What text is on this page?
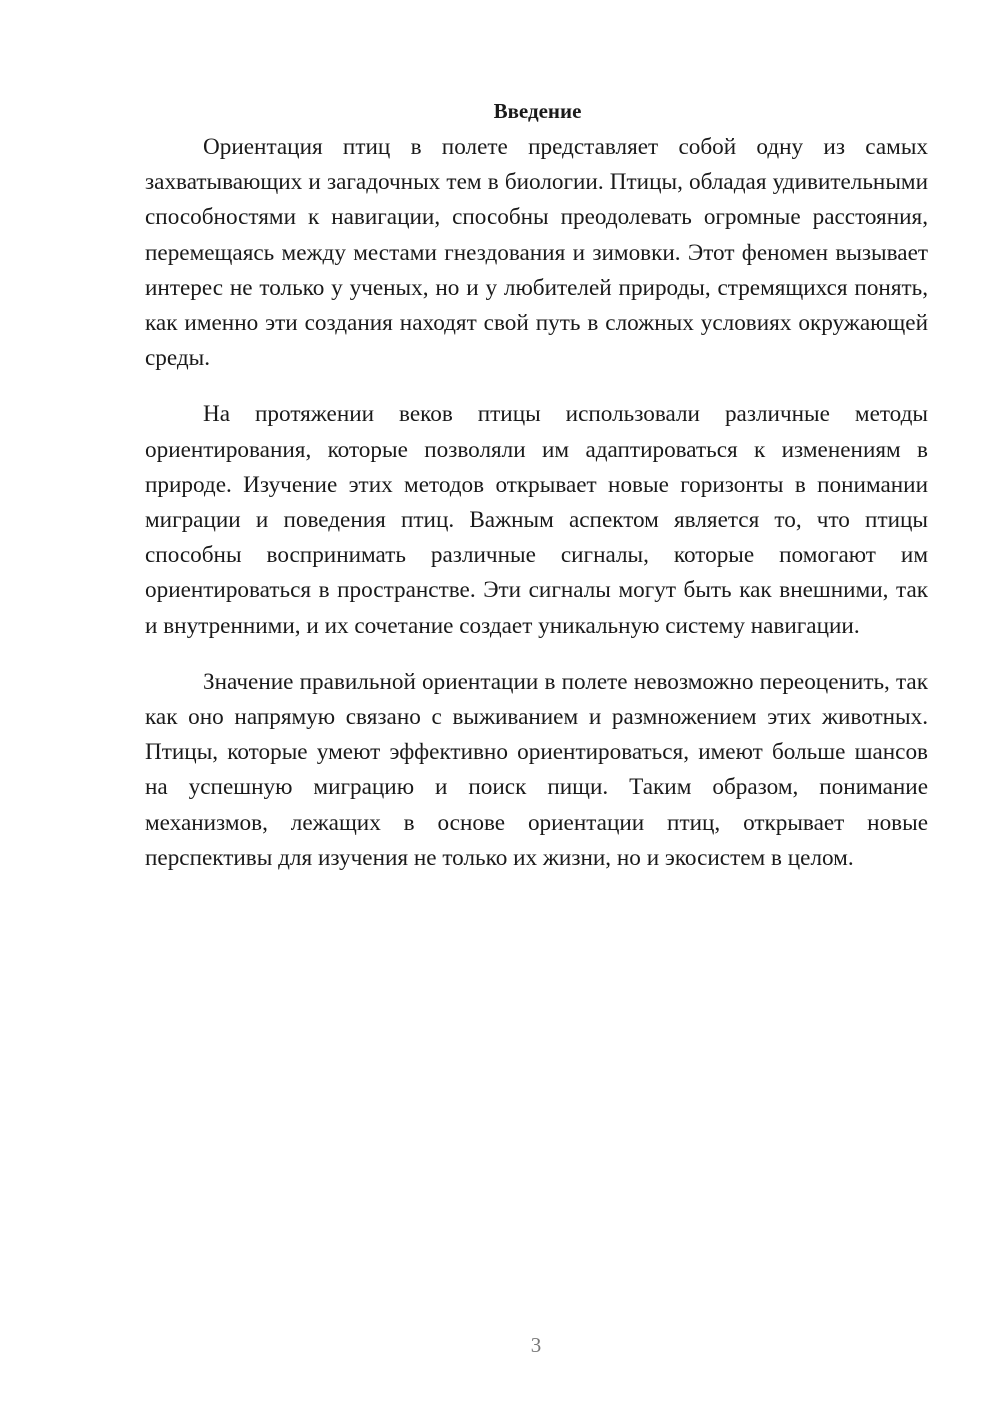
Введение

Ориентация птиц в полете представляет собой одну из самых захватывающих и загадочных тем в биологии. Птицы, обладая удивительными способностями к навигации, способны преодолевать огромные расстояния, перемещаясь между местами гнездования и зимовки. Этот феномен вызывает интерес не только у ученых, но и у любителей природы, стремящихся понять, как именно эти создания находят свой путь в сложных условиях окружающей среды.

На протяжении веков птицы использовали различные методы ориентирования, которые позволяли им адаптироваться к изменениям в природе. Изучение этих методов открывает новые горизонты в понимании миграции и поведения птиц. Важным аспектом является то, что птицы способны воспринимать различные сигналы, которые помогают им ориентироваться в пространстве. Эти сигналы могут быть как внешними, так и внутренними, и их сочетание создает уникальную систему навигации.

Значение правильной ориентации в полете невозможно переоценить, так как оно напрямую связано с выживанием и размножением этих животных. Птицы, которые умеют эффективно ориентироваться, имеют больше шансов на успешную миграцию и поиск пищи. Таким образом, понимание механизмов, лежащих в основе ориентации птиц, открывает новые перспективы для изучения не только их жизни, но и экосистем в целом.

3
